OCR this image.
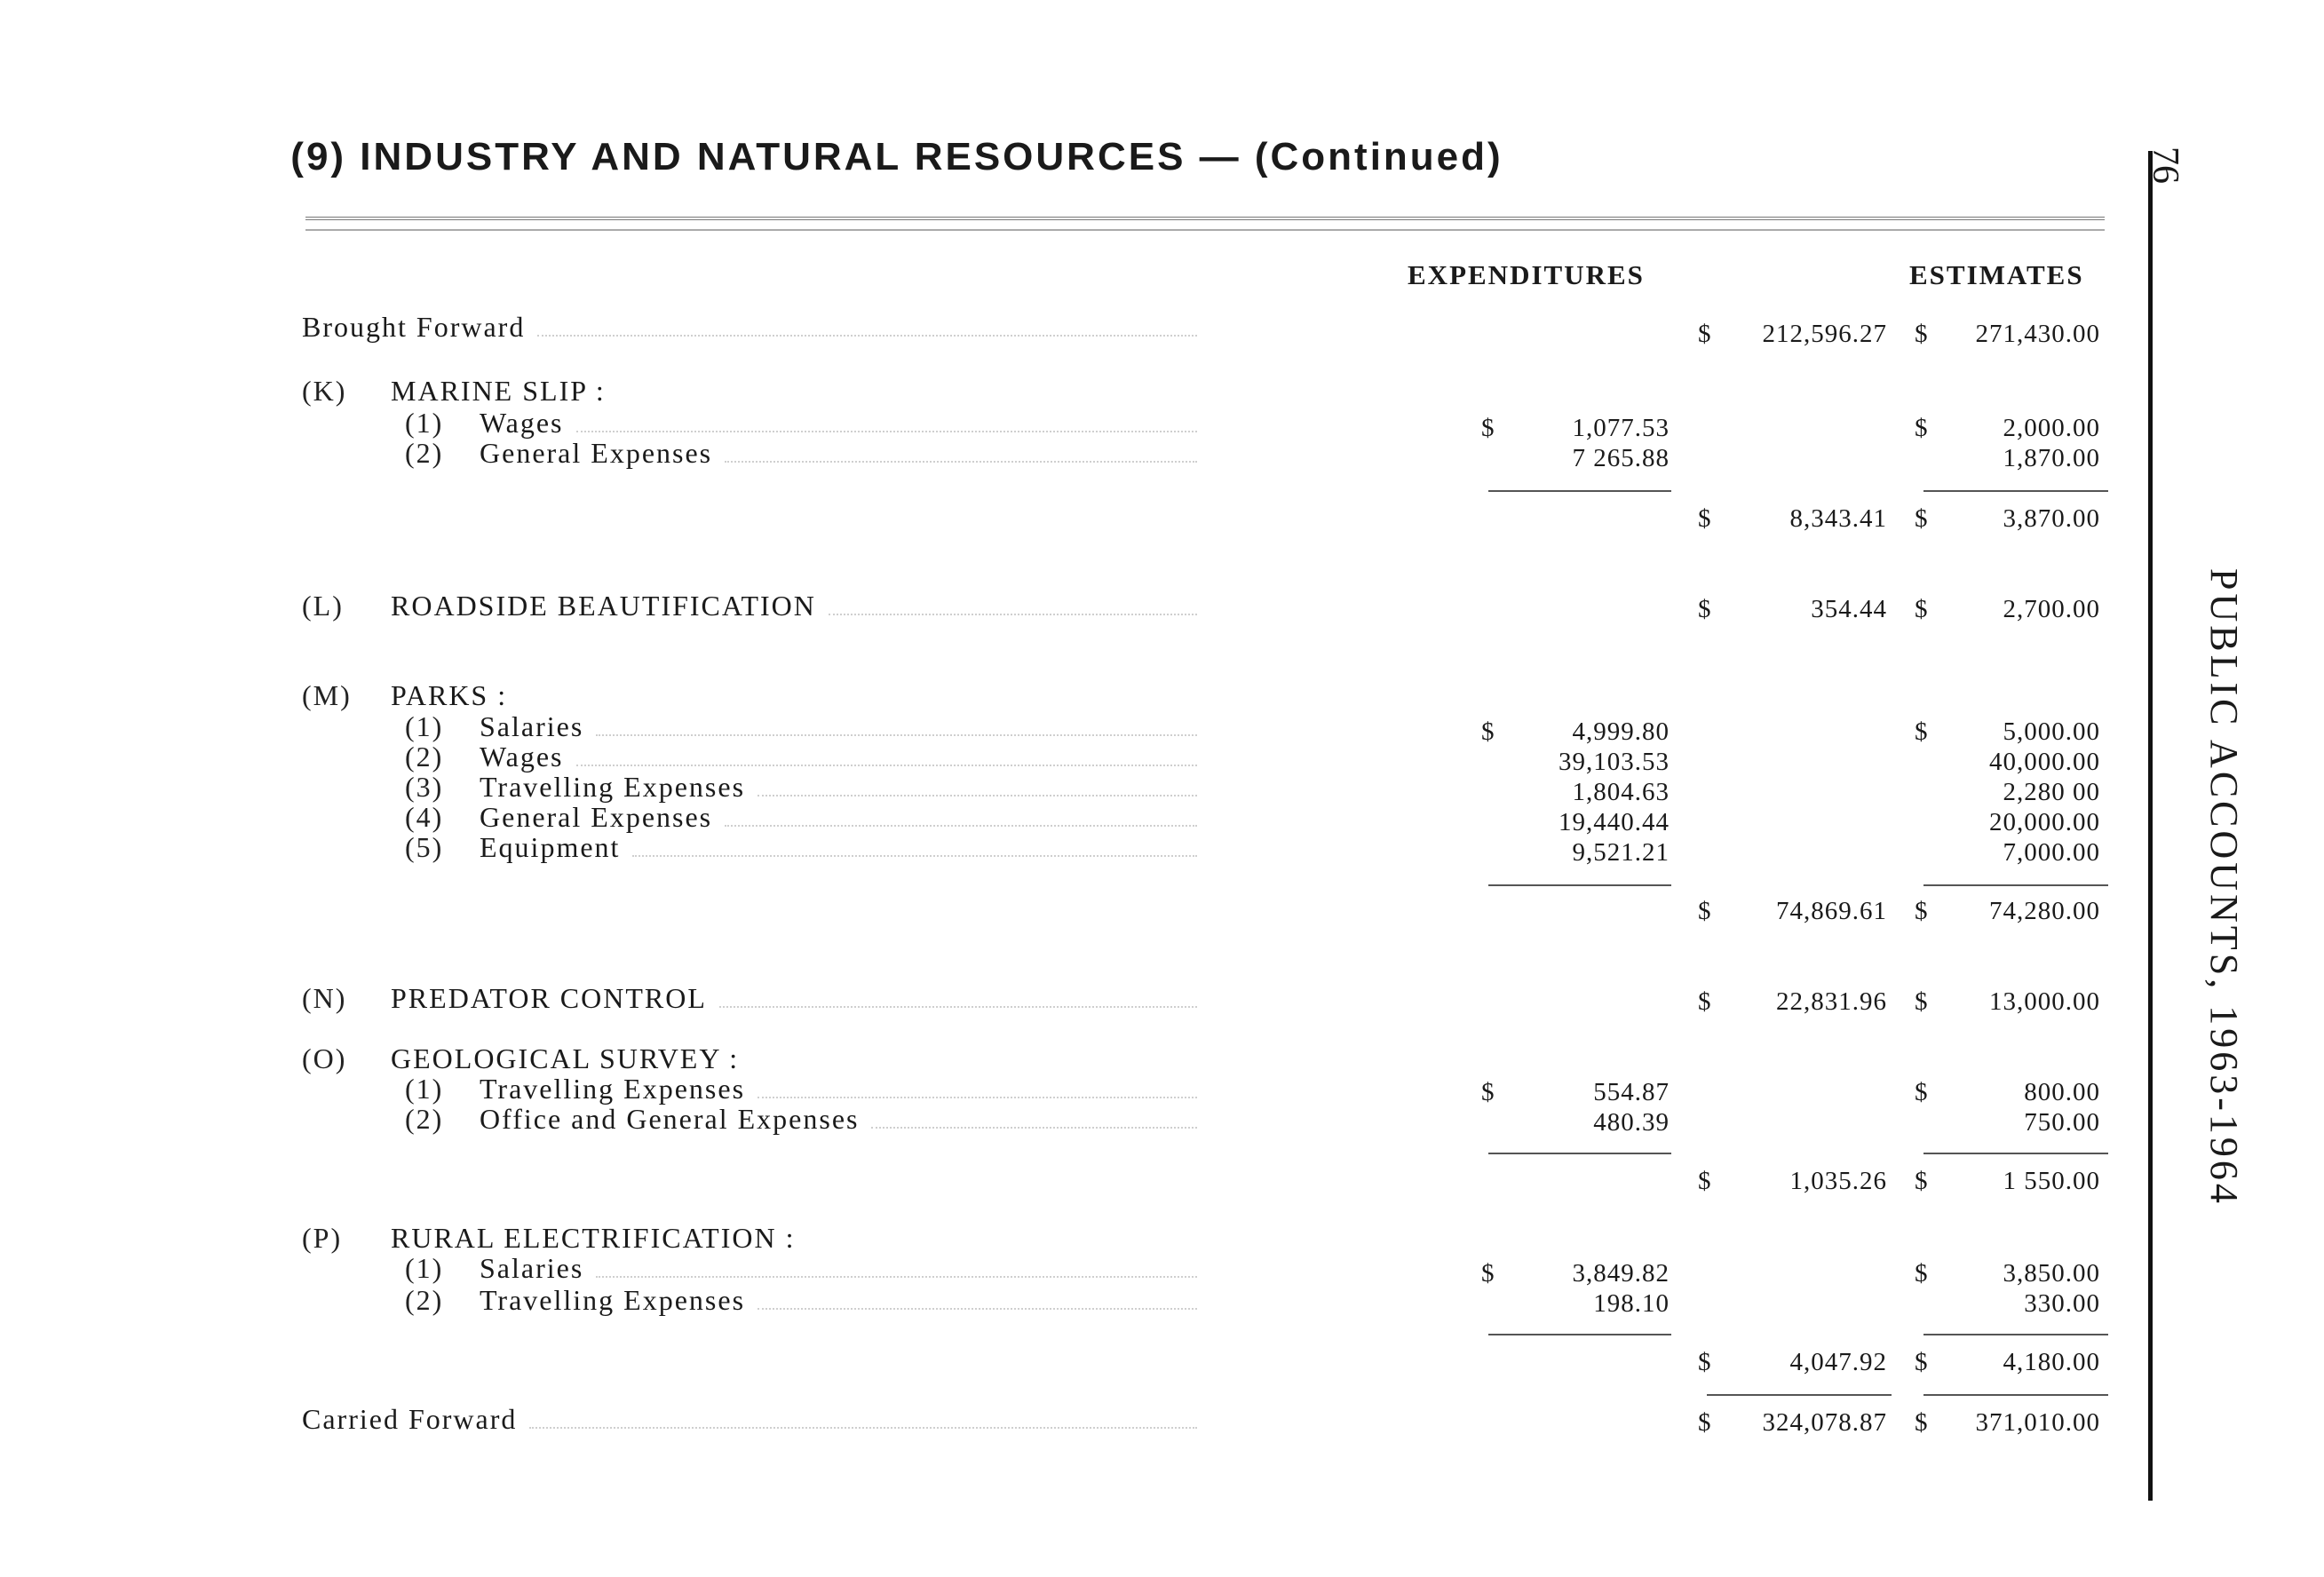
(9) INDUSTRY AND NATURAL RESOURCES — (Continued)
EXPENDITURES	ESTIMATES
76
PUBLIC ACCOUNTS, 1963-1964
Brought Forward	$	212,596.27 $	271,430.00
(K)	MARINE SLIP :
(1)	Wages	$	1,077.53	$	2,000.00
(2)	General Expenses	7 265.88	1,870.00
$	8,343.41 $	3,870.00
(L)	ROADSIDE BEAUTIFICATION	$	354.44 $	2,700.00
(M)	PARKS :
(1)	Salaries	$	4,999.80	$	5,000.00
(2)	Wages	39,103.53	40,000.00
(3)	Travelling Expenses	1,804.63	2,280 00
(4)	General Expenses	19,440.44	20,000.00
(5)	Equipment	9,521.21	7,000.00
$	74,869.61 $	74,280.00
(N)	PREDATOR CONTROL	$	22,831.96 $	13,000.00
(O)	GEOLOGICAL SURVEY :
(1)	Travelling Expenses	$	554.87	$	800.00
(2)	Office and General Expenses	480.39	750.00
$	1,035.26 $	1 550.00
(P)	RURAL ELECTRIFICATION :
(1)	Salaries	$	3,849.82	$	3,850.00
(2)	Travelling Expenses	198.10	330.00
$	4,047.92 $	4,180.00
Carried Forward	$	324,078.87 $	371,010.00
